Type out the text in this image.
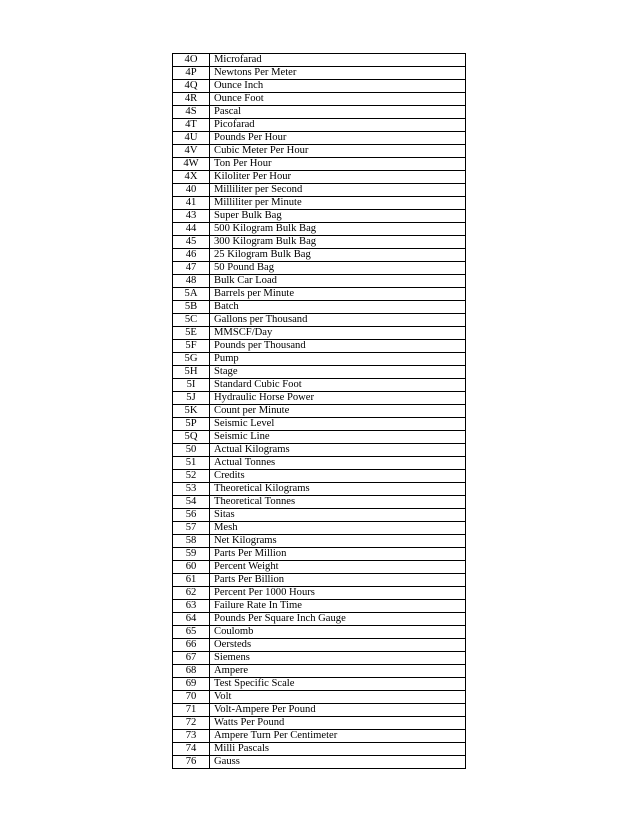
4O	Microfarad
4P	Newtons Per Meter
4Q	Ounce Inch
4R	Ounce Foot
4S	Pascal
4T	Picofarad
4U	Pounds Per Hour
4V	Cubic Meter Per Hour
4W	Ton Per Hour
4X	Kiloliter Per Hour
40	Milliliter per Second
41	Milliliter per Minute
43	Super Bulk Bag
44	500 Kilogram Bulk Bag
45	300 Kilogram Bulk Bag
46	25 Kilogram Bulk Bag
47	50 Pound Bag
48	Bulk Car Load
5A	Barrels per Minute
5B	Batch
5C	Gallons per Thousand
5E	MMSCF/Day
5F	Pounds per Thousand
5G	Pump
5H	Stage
5I	Standard Cubic Foot
5J	Hydraulic Horse Power
5K	Count per Minute
5P	Seismic Level
5Q	Seismic Line
50	Actual Kilograms
51	Actual Tonnes
52	Credits
53	Theoretical Kilograms
54	Theoretical Tonnes
56	Sitas
57	Mesh
58	Net Kilograms
59	Parts Per Million
60	Percent Weight
61	Parts Per Billion
62	Percent Per 1000 Hours
63	Failure Rate In Time
64	Pounds Per Square Inch Gauge
65	Coulomb
66	Oersteds
67	Siemens
68	Ampere
69	Test Specific Scale
70	Volt
71	Volt-Ampere Per Pound
72	Watts Per Pound
73	Ampere Turn Per Centimeter
74	Milli Pascals
76	Gauss
